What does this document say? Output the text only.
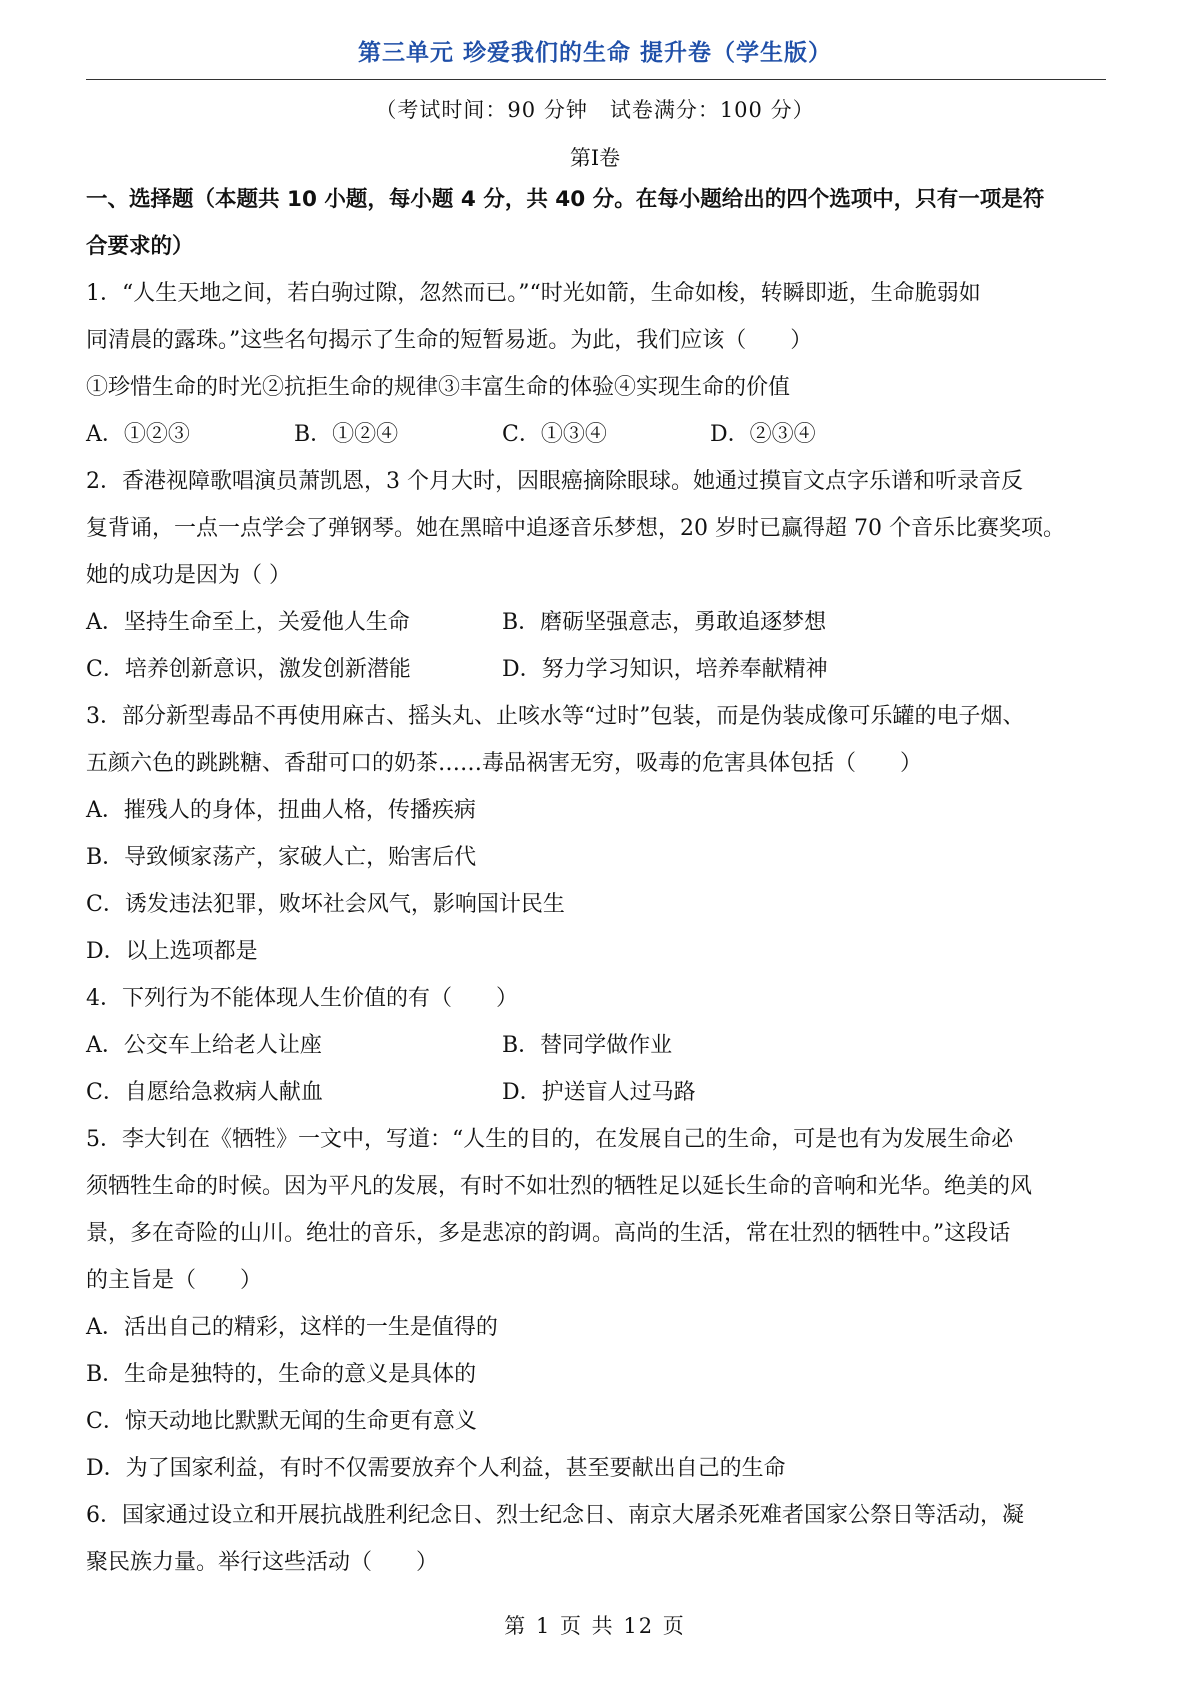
第三单元 珍爱我们的生命 提升卷（学生版）
（考试时间：90 分钟　试卷满分：100 分）
第I卷
一、选择题（本题共 10 小题，每小题 4 分，共 40 分。在每小题给出的四个选项中，只有一项是符
合要求的）
1．“人生天地之间，若白驹过隙，忽然而已。”“时光如箭，生命如梭，转瞬即逝，生命脆弱如
同清晨的露珠。”这些名句揭示了生命的短暂易逝。为此，我们应该（　　）
①珍惜生命的时光②抗拒生命的规律③丰富生命的体验④实现生命的价值
A．①②③	B．①②④	C．①③④	D．②③④
2．香港视障歌唱演员萧凯恩，3 个月大时，因眼癌摘除眼球。她通过摸盲文点字乐谱和听录音反
复背诵，一点一点学会了弹钢琴。她在黑暗中追逐音乐梦想，20 岁时已赢得超 70 个音乐比赛奖项。
她的成功是因为（ ）
A．坚持生命至上，关爱他人生命	B．磨砺坚强意志，勇敢追逐梦想
C．培养创新意识，激发创新潜能	D．努力学习知识，培养奉献精神
3．部分新型毒品不再使用麻古、摇头丸、止咳水等“过时”包装，而是伪装成像可乐罐的电子烟、
五颜六色的跳跳糖、香甜可口的奶茶……毒品祸害无穷，吸毒的危害具体包括（　　）
A．摧残人的身体，扭曲人格，传播疾病
B．导致倾家荡产，家破人亡，贻害后代
C．诱发违法犯罪，败坏社会风气，影响国计民生
D．以上选项都是
4．下列行为不能体现人生价值的有（　　）
A．公交车上给老人让座	B．替同学做作业
C．自愿给急救病人献血	D．护送盲人过马路
5．李大钊在《牺牲》一文中，写道：“人生的目的，在发展自己的生命，可是也有为发展生命必
须牺牲生命的时候。因为平凡的发展，有时不如壮烈的牺牲足以延长生命的音响和光华。绝美的风
景，多在奇险的山川。绝壮的音乐，多是悲凉的韵调。高尚的生活，常在壮烈的牺牲中。”这段话
的主旨是（　　）
A．活出自己的精彩，这样的一生是值得的
B．生命是独特的，生命的意义是具体的
C．惊天动地比默默无闻的生命更有意义
D．为了国家利益，有时不仅需要放弃个人利益，甚至要献出自己的生命
6．国家通过设立和开展抗战胜利纪念日、烈士纪念日、南京大屠杀死难者国家公祭日等活动，凝
聚民族力量。举行这些活动（　　）
第 1 页 共 12 页
